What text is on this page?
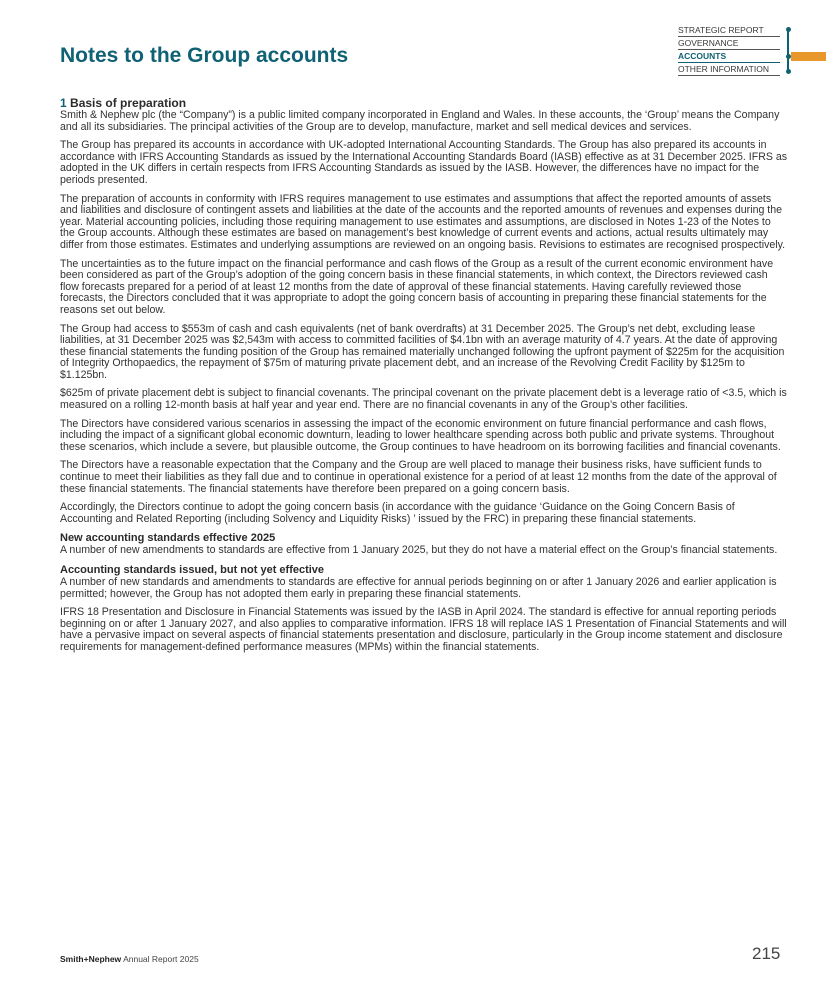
Notes to the Group accounts
STRATEGIC REPORT
GOVERNANCE
ACCOUNTS
OTHER INFORMATION
1 Basis of preparation

Smith & Nephew plc (the “Company”) is a public limited company incorporated in England and Wales. In these accounts, the ‘Group’ means the Company and all its subsidiaries. The principal activities of the Group are to develop, manufacture, market and sell medical devices and services.

The Group has prepared its accounts in accordance with UK-adopted International Accounting Standards. The Group has also prepared its accounts in accordance with IFRS Accounting Standards as issued by the International Accounting Standards Board (IASB) effective as at 31 December 2025. IFRS as adopted in the UK differs in certain respects from IFRS Accounting Standards as issued by the IASB. However, the differences have no impact for the periods presented.

The preparation of accounts in conformity with IFRS requires management to use estimates and assumptions that affect the reported amounts of assets and liabilities and disclosure of contingent assets and liabilities at the date of the accounts and the reported amounts of revenues and expenses during the year. Material accounting policies, including those requiring management to use estimates and assumptions, are disclosed in Notes 1-23 of the Notes to the Group accounts. Although these estimates are based on management’s best knowledge of current events and actions, actual results ultimately may differ from those estimates. Estimates and underlying assumptions are reviewed on an ongoing basis. Revisions to estimates are recognised prospectively.

The uncertainties as to the future impact on the financial performance and cash flows of the Group as a result of the current economic environment have been considered as part of the Group’s adoption of the going concern basis in these financial statements, in which context, the Directors reviewed cash flow forecasts prepared for a period of at least 12 months from the date of approval of these financial statements. Having carefully reviewed those forecasts, the Directors concluded that it was appropriate to adopt the going concern basis of accounting in preparing these financial statements for the reasons set out below.

The Group had access to $553m of cash and cash equivalents (net of bank overdrafts) at 31 December 2025. The Group’s net debt, excluding lease liabilities, at 31 December 2025 was $2,543m with access to committed facilities of $4.1bn with an average maturity of 4.7 years. At the date of approving these financial statements the funding position of the Group has remained materially unchanged following the upfront payment of $225m for the acquisition of Integrity Orthopaedics, the repayment of $75m of maturing private placement debt, and an increase of the Revolving Credit Facility by $125m to $1.125bn.

$625m of private placement debt is subject to financial covenants. The principal covenant on the private placement debt is a leverage ratio of <3.5, which is measured on a rolling 12-month basis at half year and year end. There are no financial covenants in any of the Group’s other facilities.

The Directors have considered various scenarios in assessing the impact of the economic environment on future financial performance and cash flows, including the impact of a significant global economic downturn, leading to lower healthcare spending across both public and private systems. Throughout these scenarios, which include a severe, but plausible outcome, the Group continues to have headroom on its borrowing facilities and financial covenants.

The Directors have a reasonable expectation that the Company and the Group are well placed to manage their business risks, have sufficient funds to continue to meet their liabilities as they fall due and to continue in operational existence for a period of at least 12 months from the date of the approval of these financial statements. The financial statements have therefore been prepared on a going concern basis.

Accordingly, the Directors continue to adopt the going concern basis (in accordance with the guidance ‘Guidance on the Going Concern Basis of Accounting and Related Reporting (including Solvency and Liquidity Risks) ’ issued by the FRC) in preparing these financial statements.

New accounting standards effective 2025

A number of new amendments to standards are effective from 1 January 2025, but they do not have a material effect on the Group’s financial statements.

Accounting standards issued, but not yet effective

A number of new standards and amendments to standards are effective for annual periods beginning on or after 1 January 2026 and earlier application is permitted; however, the Group has not adopted them early in preparing these financial statements.

IFRS 18 Presentation and Disclosure in Financial Statements was issued by the IASB in April 2024. The standard is effective for annual reporting periods beginning on or after 1 January 2027, and also applies to comparative information. IFRS 18 will replace IAS 1 Presentation of Financial Statements and will have a pervasive impact on several aspects of financial statements presentation and disclosure, particularly in the Group income statement and disclosure requirements for management-defined performance measures (MPMs) within the financial statements.

Smith+Nephew Annual Report 2025	215
